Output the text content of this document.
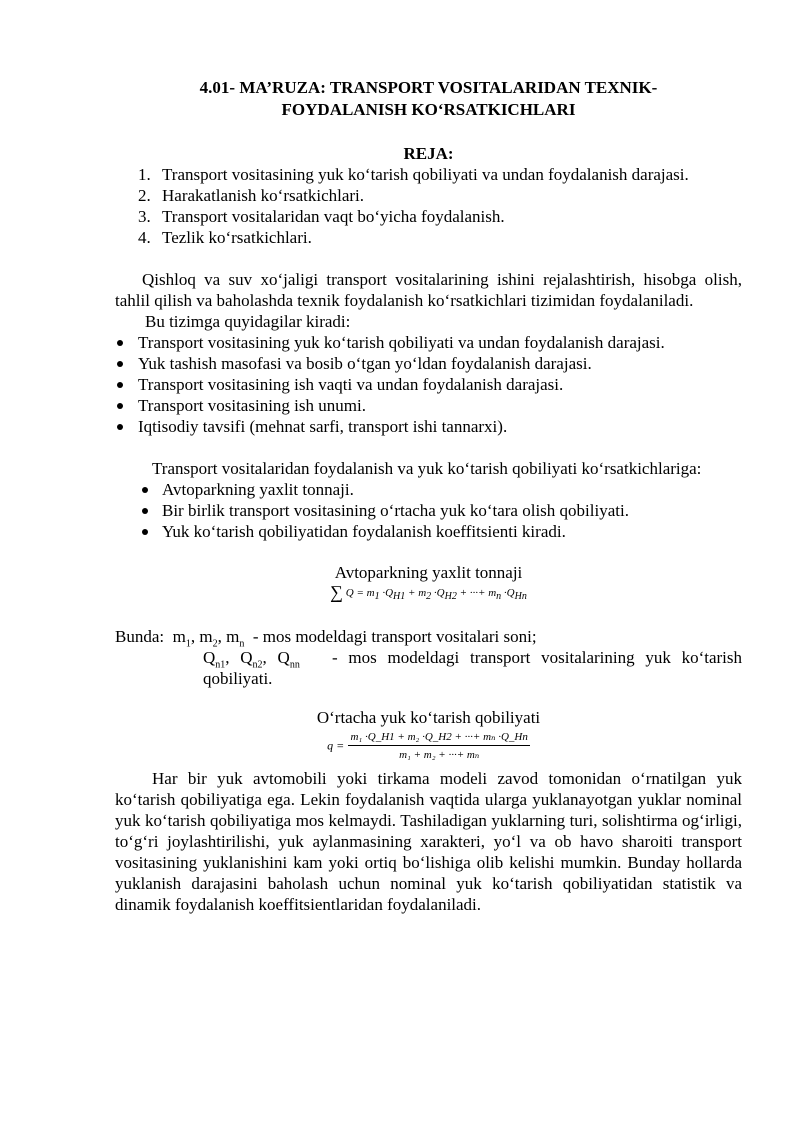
4.01- MA’RUZA: TRANSPORT VOSITALARIDAN TEXNIK-
FOYDALANISH KO‘RSATKICHLARI
REJA:
1. Transport vositasining yuk ko‘tarish qobiliyati va undan foydalanish darajasi.
2. Harakatlanish ko‘rsatkichlari.
3. Transport vositalaridan vaqt bo‘yicha foydalanish.
4. Tezlik ko‘rsatkichlari.

Qishloq va suv xo‘jaligi transport vositalarining ishini rejalashtirish, hisobga olish, tahlil qilish va baholashda texnik foydalanish ko‘rsatkichlari tizimidan foydalaniladi.

Bu tizimga quyidagilar kiradi:

Transport vositasining yuk ko‘tarish qobiliyati va undan foydalanish darajasi.
Yuk tashish masofasi va bosib o‘tgan yo‘ldan foydalanish darajasi.
Transport vositasining ish vaqti va undan foydalanish darajasi.
Transport vositasining ish unumi.
Iqtisodiy tavsifi (mehnat sarfi, transport ishi tannarxi).

Transport vositalaridan foydalanish va yuk ko‘tarish qobiliyati ko‘rsatkichlariga:

Avtoparkning yaxlit tonnaji.
Bir birlik transport vositasining o‘rtacha yuk ko‘tara olish qobiliyati.
Yuk ko‘tarish qobiliyatidan foydalanish koeffitsienti kiradi.
Avtoparkning yaxlit tonnaji
∑ $Q = m_1 \cdot Q_{H1} + m_2 \cdot Q_{H2}$ + ···+ $m_n \cdot Q_{Hn}$

Bunda: $m_1$, $m_2$, $m_n$ - mos modeldagi transport vositalari soni;

$Q_{n1}$, $Q_{n2}$, $Q_{nn}$ - mos modeldagi transport vositalarining yuk ko‘tarish qobiliyati.

O‘rtacha yuk ko‘tarish qobiliyati
$q = \frac{\text{m₁ ·Q\_H1 + m₂ ·Q\_H2 + ···+ mₙ ·Q\_Hn}}{\text{m₁ + m₂ + ···+ mₙ}}$

Har bir yuk avtomobili yoki tirkama modeli zavod tomonidan o‘rnatilgan yuk ko‘tarish qobiliyatiga ega. Lekin foydalanish vaqtida ularga yuklanayotgan yuklar nominal yuk ko‘tarish qobiliyatiga mos kelmaydi. Tashiladigan yuklarning turi, solishtirma og‘irligi, to‘g‘ri joylashtirilishi, yuk aylanmasining xarakteri, yo‘l va ob havo sharoiti transport vositasining yuklanishini kam yoki ortiq bo‘lishiga olib kelishi mumkin. Bunday hollarda yuklanish darajasini baholash uchun nominal yuk ko‘tarish qobiliyatidan statistik va dinamik foydalanish koeffitsientlaridan foydalaniladi.
